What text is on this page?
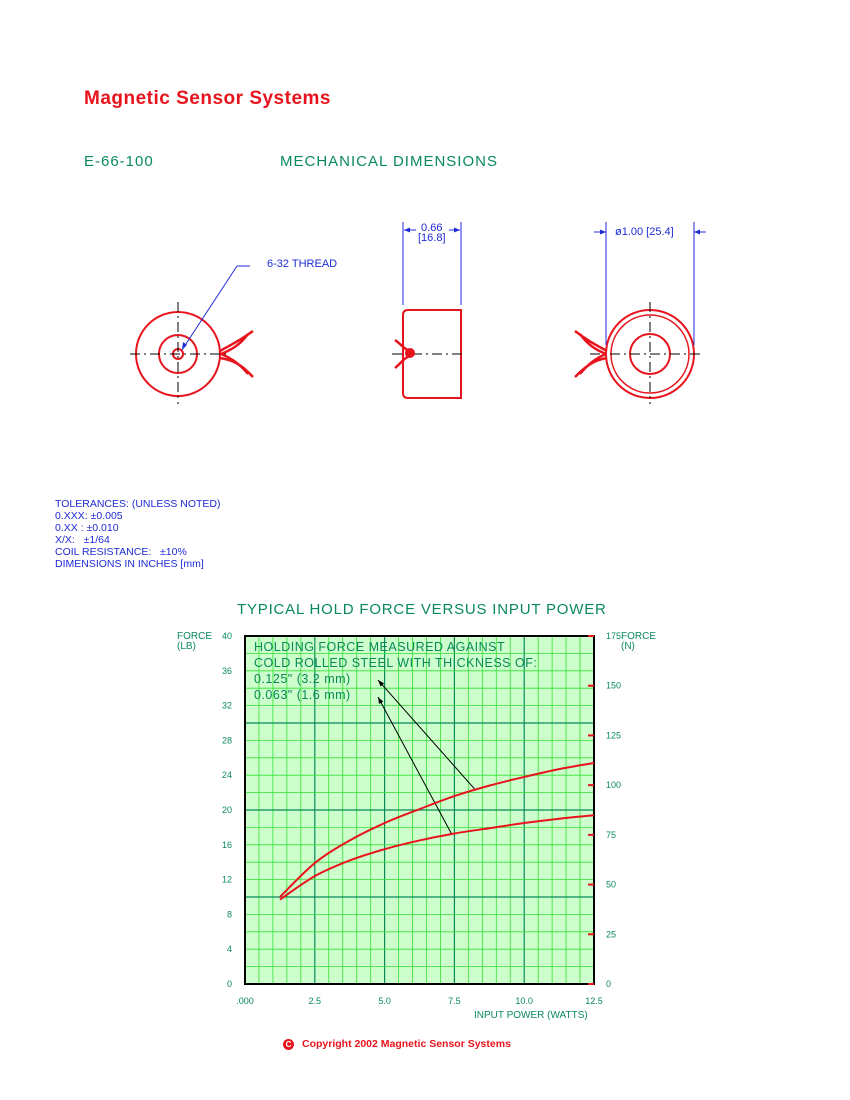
Magnetic Sensor Systems
E-66-100	MECHANICAL DIMENSIONS
6-32 THREAD
0.66
[16.8]	ø1.00 [25.4]
TOLERANCES: (UNLESS NOTED)
0.XXX: ±0.005
0.XX : ±0.010
X/X:   ±1/64
COIL RESISTANCE:   ±10%
DIMENSIONS IN INCHES [mm]
TYPICAL HOLD FORCE VERSUS INPUT POWER
FORCE
(LB)
FORCE
(N)
INPUT POWER (WATTS)
0
4
8
12
16
20
24
28
32
36
40
0
25
50
75
100
125
150
175
.000	2.5	5.0	7.5	10.0	12.5
HOLDING FORCE MEASURED AGAINST
COLD ROLLED STEEL WITH THICKNESS OF:
0.125" (3.2 mm)
0.063" (1.6 mm)
C Copyright 2002 Magnetic Sensor Systems
